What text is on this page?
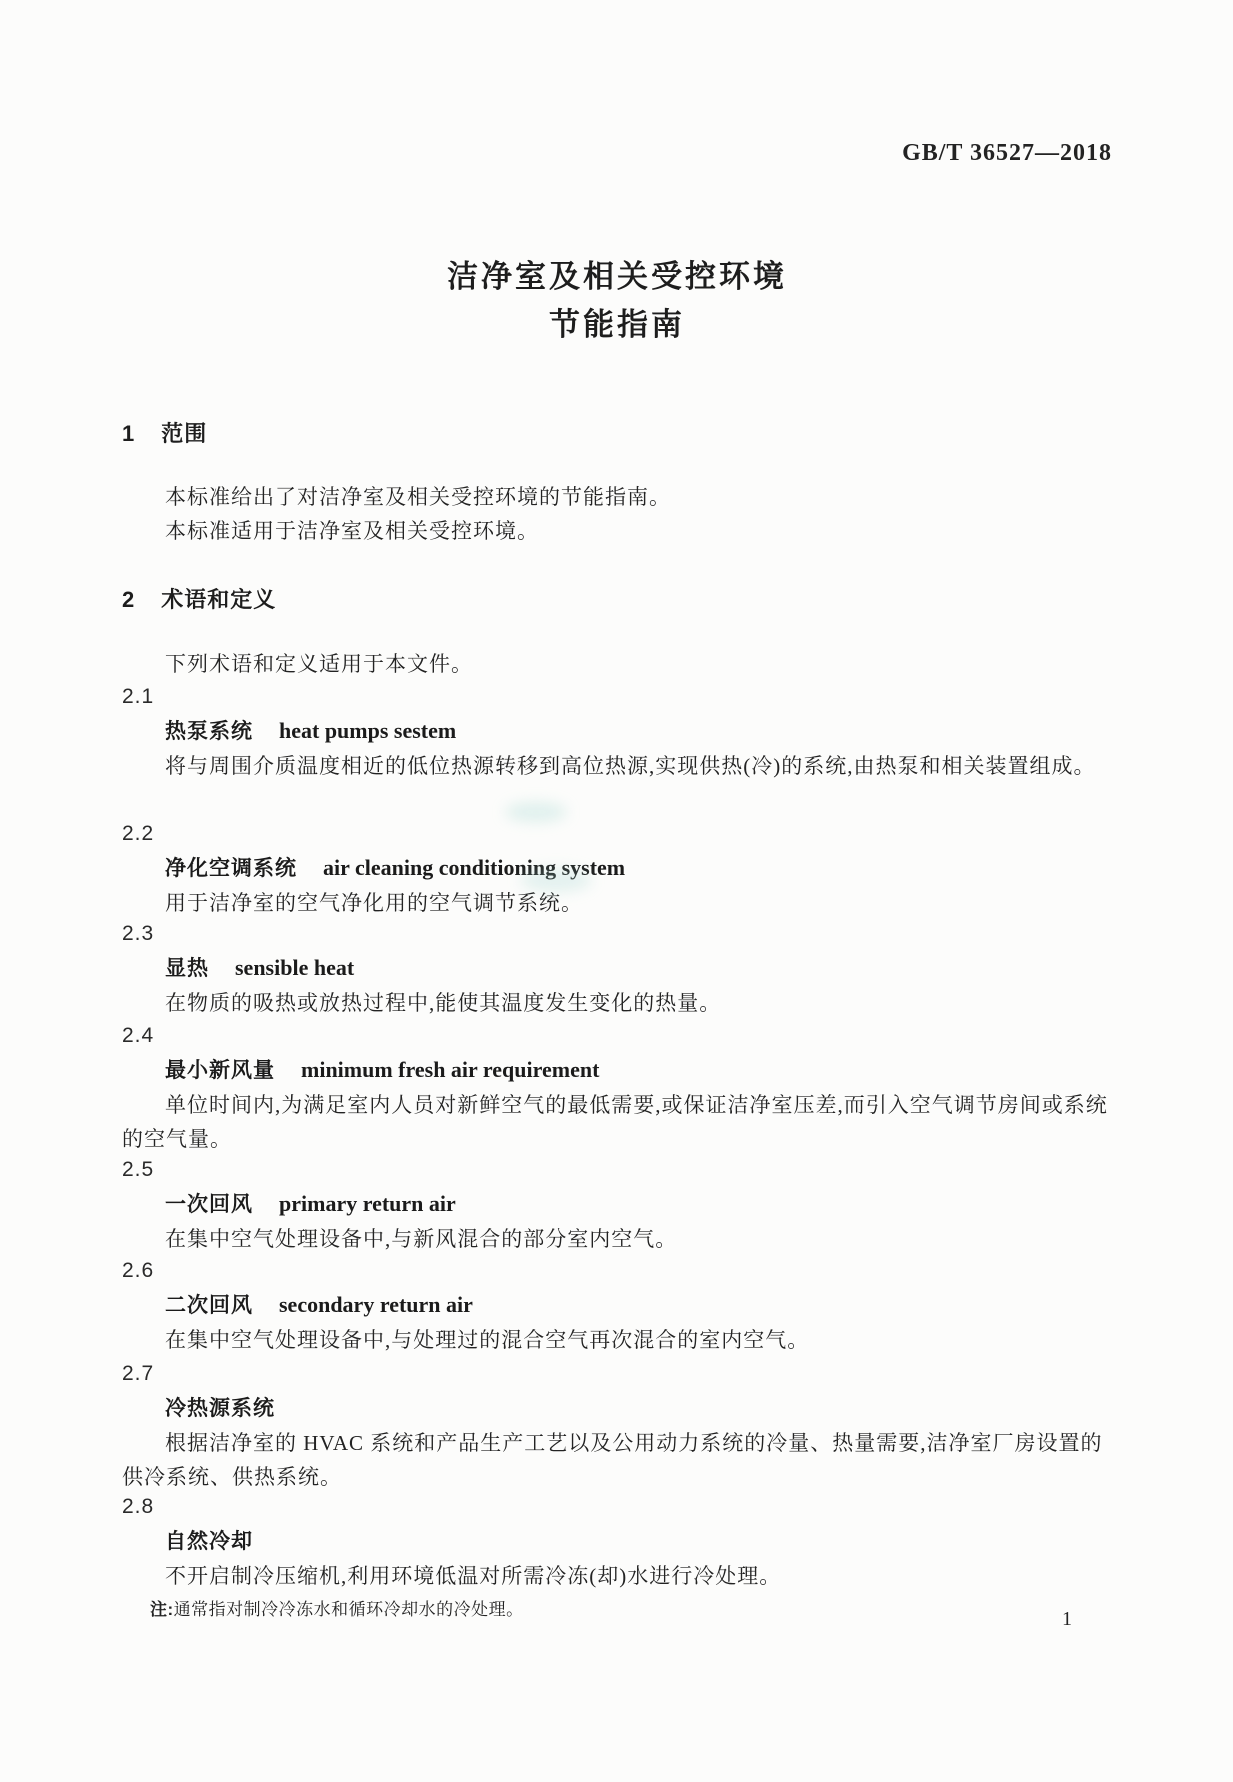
GB/T 36527—2018
洁净室及相关受控环境
节能指南
1 范围
本标准给出了对洁净室及相关受控环境的节能指南。
本标准适用于洁净室及相关受控环境。
2 术语和定义
下列术语和定义适用于本文件。
2.1
热泵系统 heat pumps sestem

将与周围介质温度相近的低位热源转移到高位热源,实现供热(冷)的系统,由热泵和相关装置组成。

2.2
净化空调系统 air cleaning conditioning system

用于洁净室的空气净化用的空气调节系统。

2.3
显热 sensible heat

在物质的吸热或放热过程中,能使其温度发生变化的热量。

2.4
最小新风量 minimum fresh air requirement

单位时间内,为满足室内人员对新鲜空气的最低需要,或保证洁净室压差,而引入空气调节房间或系统的空气量。

2.5
一次回风 primary return air

在集中空气处理设备中,与新风混合的部分室内空气。

2.6
二次回风 secondary return air

在集中空气处理设备中,与处理过的混合空气再次混合的室内空气。

2.7
冷热源系统

根据洁净室的 HVAC 系统和产品生产工艺以及公用动力系统的冷量、热量需要,洁净室厂房设置的供冷系统、供热系统。

2.8
自然冷却

不开启制冷压缩机,利用环境低温对所需冷冻(却)水进行冷处理。

注:通常指对制冷冷冻水和循环冷却水的冷处理。	1
